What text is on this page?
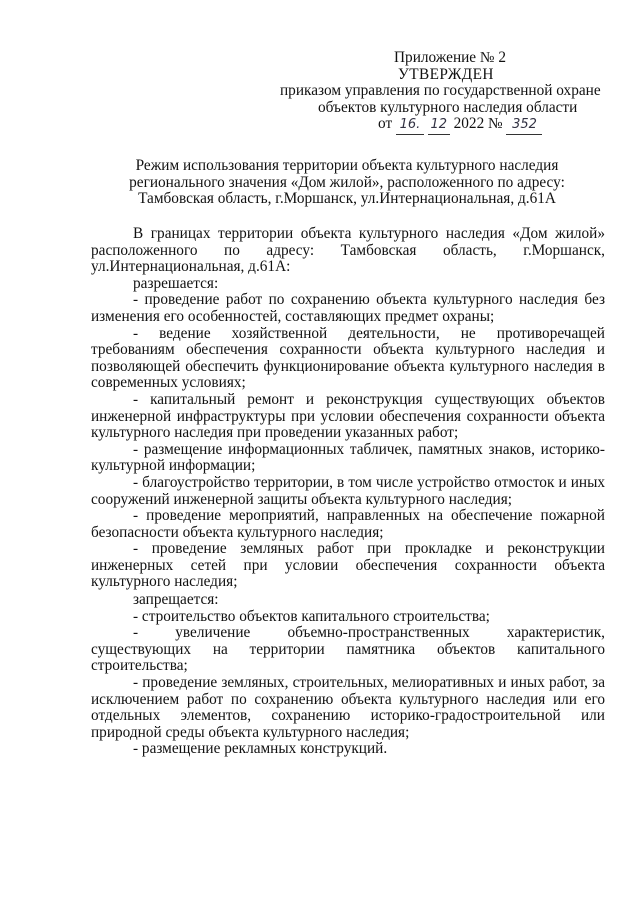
Приложение № 2
УТВЕРЖДЕН
приказом управления по государственной охране
объектов культурного наследия области
от 16. 12 2022 № 352
Режим использования территории объекта культурного наследия
регионального значения «Дом жилой», расположенного по адресу:
Тамбовская область, г.Моршанск, ул.Интернациональная, д.61А

В границах территории объекта культурного наследия «Дом жилой» расположенного по адресу: Тамбовская область, г.Моршанск, ул.Интернациональная, д.61А:

разрешается:

- проведение работ по сохранению объекта культурного наследия без изменения его особенностей, составляющих предмет охраны;

- ведение хозяйственной деятельности, не противоречащей требованиям обеспечения сохранности объекта культурного наследия и позволяющей обеспечить функционирование объекта культурного наследия в современных условиях;

- капитальный ремонт и реконструкция существующих объектов инженерной инфраструктуры при условии обеспечения сохранности объекта культурного наследия при проведении указанных работ;

- размещение информационных табличек, памятных знаков, историко-культурной информации;

- благоустройство территории, в том числе устройство отмосток и иных сооружений инженерной защиты объекта культурного наследия;

- проведение мероприятий, направленных на обеспечение пожарной безопасности объекта культурного наследия;

- проведение земляных работ при прокладке и реконструкции инженерных сетей при условии обеспечения сохранности объекта культурного наследия;

запрещается:

- строительство объектов капитального строительства;

- увеличение объемно-пространственных характеристик, существующих на территории памятника объектов капитального строительства;

- проведение земляных, строительных, мелиоративных и иных работ, за исключением работ по сохранению объекта культурного наследия или его отдельных элементов, сохранению историко-градостроительной или природной среды объекта культурного наследия;

- размещение рекламных конструкций.
